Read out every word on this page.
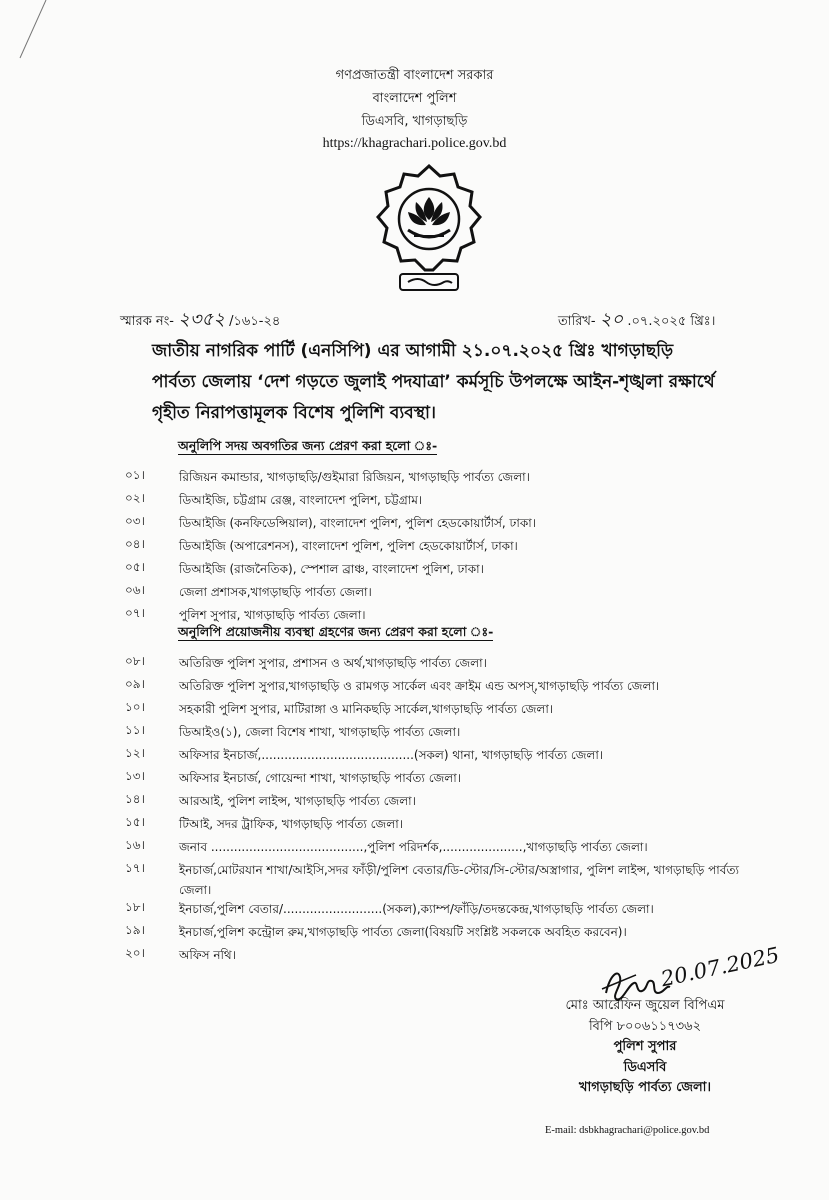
গণপ্রজাতন্ত্রী বাংলাদেশ সরকার
বাংলাদেশ পুলিশ
ডিএসবি, খাগড়াছড়ি
https://khagrachari.police.gov.bd
স্মারক নং- ২৩৫২ /১৬১-২৪	তারিখ- ২০ .০৭.২০২৫ খ্রিঃ।
জাতীয় নাগরিক পার্টি (এনসিপি) এর আগামী ২১.০৭.২০২৫ খ্রিঃ খাগড়াছড়ি
পার্বত্য জেলায় ‘দেশ গড়তে জুলাই পদযাত্রা’ কর্মসূচি উপলক্ষে আইন-শৃঙ্খলা রক্ষার্থে
গৃহীত নিরাপত্তামূলক বিশেষ পুলিশি ব্যবস্থা।
অনুলিপি সদয় অবগতির জন্য প্রেরণ করা হলো ঃ-
০১।	রিজিয়ন কমান্ডার, খাগড়াছড়ি/গুইমারা রিজিয়ন, খাগড়াছড়ি পার্বত্য জেলা।
০২।	ডিআইজি, চট্টগ্রাম রেঞ্জ, বাংলাদেশ পুলিশ, চট্টগ্রাম।
০৩।	ডিআইজি (কনফিডেন্সিয়াল), বাংলাদেশ পুলিশ, পুলিশ হেডকোয়ার্টার্স, ঢাকা।
০৪।	ডিআইজি (অপারেশনস), বাংলাদেশ পুলিশ, পুলিশ হেডকোয়ার্টার্স, ঢাকা।
০৫।	ডিআইজি (রাজনৈতিক), স্পেশাল ব্রাঞ্চ, বাংলাদেশ পুলিশ, ঢাকা।
০৬।	জেলা প্রশাসক,খাগড়াছড়ি পার্বত্য জেলা।
০৭।	পুলিশ সুপার, খাগড়াছড়ি পার্বত্য জেলা।
অনুলিপি প্রয়োজনীয় ব্যবস্থা গ্রহণের জন্য প্রেরণ করা হলো ঃ-
০৮।	অতিরিক্ত পুলিশ সুপার, প্রশাসন ও অর্থ,খাগড়াছড়ি পার্বত্য জেলা।
০৯।	অতিরিক্ত পুলিশ সুপার,খাগড়াছড়ি ও রামগড় সার্কেল এবং ক্রাইম এন্ড অপস্,খাগড়াছড়ি পার্বত্য জেলা।
১০।	সহকারী পুলিশ সুপার, মাটিরাঙ্গা ও মানিকছড়ি সার্কেল,খাগড়াছড়ি পার্বত্য জেলা।
১১।	ডিআইও(১), জেলা বিশেষ শাখা, খাগড়াছড়ি পার্বত্য জেলা।
১২।	অফিসার ইনচার্জ,........................................(সকল) থানা, খাগড়াছড়ি পার্বত্য জেলা।
১৩।	অফিসার ইনচার্জ, গোয়েন্দা শাখা, খাগড়াছড়ি পার্বত্য জেলা।
১৪।	আরআই, পুলিশ লাইন্স, খাগড়াছড়ি পার্বত্য জেলা।
১৫।	টিআই, সদর ট্রাফিক, খাগড়াছড়ি পার্বত্য জেলা।
১৬।	জনাব ........................................,পুলিশ পরিদর্শক,.....................,খাগড়াছড়ি পার্বত্য জেলা।
১৭।	ইনচার্জ,মোটরযান শাখা/আইসি,সদর ফাঁড়ী/পুলিশ বেতার/ডি-স্টোর/সি-স্টোর/অস্ত্রাগার, পুলিশ লাইন্স, খাগড়াছড়ি পার্বত্য জেলা।
১৮।	ইনচার্জ,পুলিশ বেতার/..........................(সকল),ক্যাম্প/ফাঁড়ি/তদন্তকেন্দ্র,খাগড়াছড়ি পার্বত্য জেলা।
১৯।	ইনচার্জ,পুলিশ কন্ট্রোল রুম,খাগড়াছড়ি পার্বত্য জেলা(বিষয়টি সংশ্লিষ্ট সকলকে অবহিত করবেন)।
২০।	অফিস নথি।	20.07.2025
মোঃ আরেফিন জুয়েল বিপিএম
বিপি ৮০০৬১১৭৩৬২
পুলিশ সুপার
ডিএসবি
খাগড়াছড়ি পার্বত্য জেলা।
E-mail: dsbkhagrachari@police.gov.bd
